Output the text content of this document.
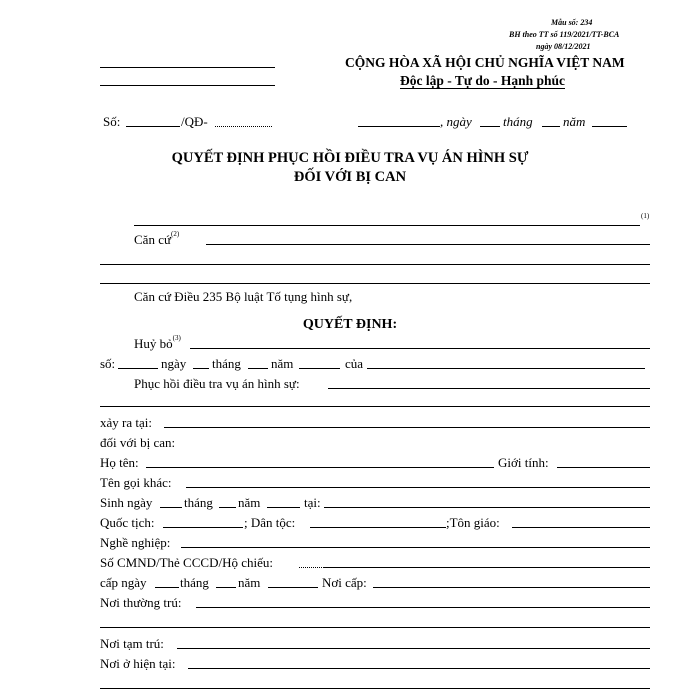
Mẫu số: 234
BH theo TT số 119/2021/TT-BCA
ngày 08/12/2021
CỘNG HÒA XÃ HỘI CHỦ NGHĨA VIỆT NAM
Độc lập - Tự do - Hạnh phúc
Số:	/QĐ-	, ngày tháng năm
QUYẾT ĐỊNH PHỤC HỒI ĐIỀU TRA VỤ ÁN HÌNH SỰ
ĐỐI VỚI BỊ CAN
(1)
Căn cứ$^{(2)}$
Căn cứ Điều 235 Bộ luật Tố tụng hình sự,
QUYẾT ĐỊNH:
Huỷ bỏ$^{(3)}$
số:	ngày tháng năm	của
Phục hồi điều tra vụ án hình sự:
xảy ra tại:
đối với bị can:
Họ tên:	Giới tính:
Tên gọi khác:
Sinh ngày tháng năm	tại:
Quốc tịch:	; Dân tộc:	;Tôn giáo:
Nghề nghiệp:
Số CMND/Thẻ CCCD/Hộ chiếu:
cấp ngày	tháng năm	Nơi cấp:
Nơi thường trú:
Nơi tạm trú:
Nơi ở hiện tại:
